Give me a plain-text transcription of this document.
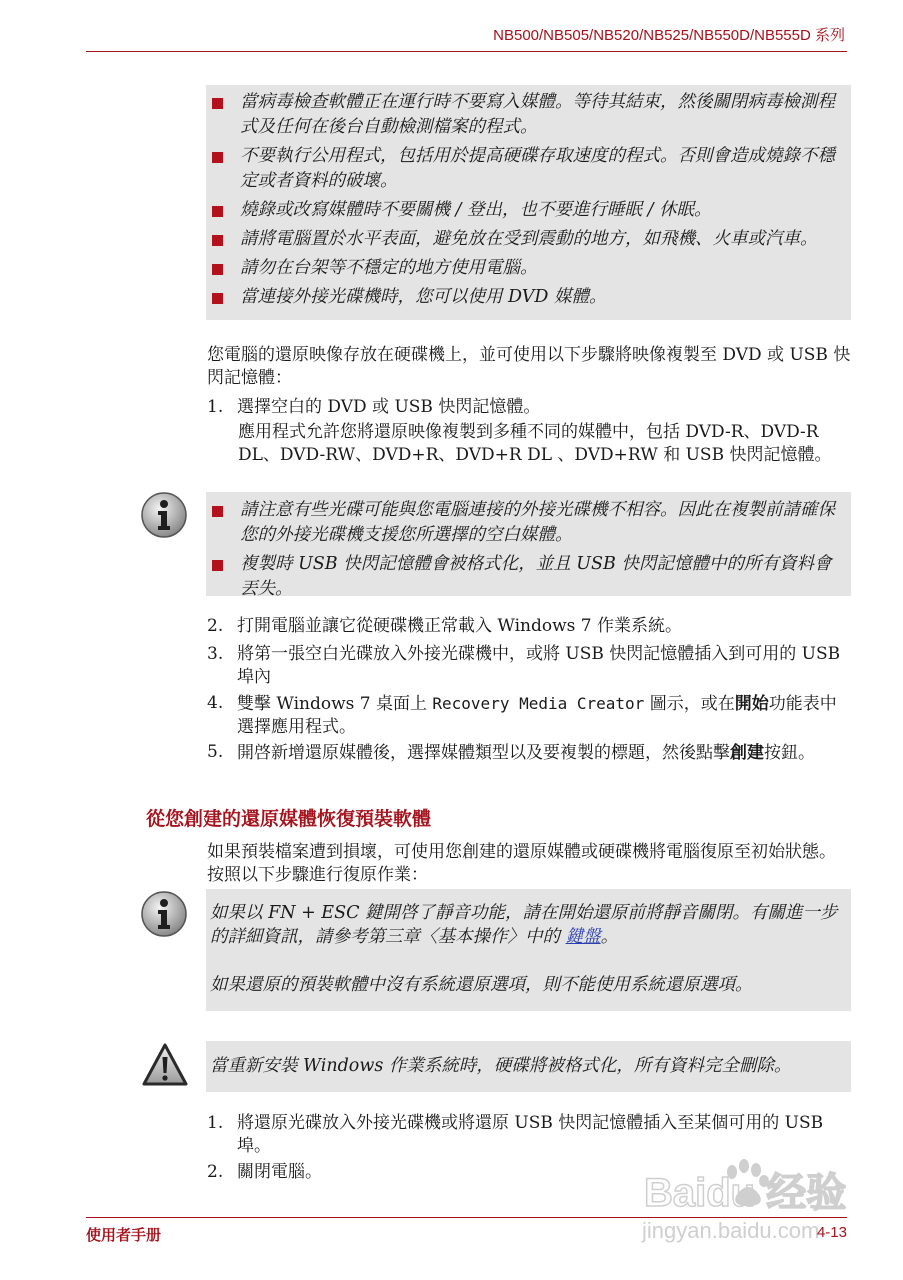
NB500/NB505/NB520/NB525/NB550D/NB555D 系列
當病毒檢查軟體正在運行時不要寫入媒體。等待其結束，然後關閉病毒檢測程式及任何在後台自動檢測檔案的程式。
不要執行公用程式，包括用於提高硬碟存取速度的程式。否則會造成燒錄不穩定或者資料的破壞。
燒錄或改寫媒體時不要關機 / 登出，也不要進行睡眠 / 休眠。
請將電腦置於水平表面，避免放在受到震動的地方，如飛機、火車或汽車。
請勿在台架等不穩定的地方使用電腦。
當連接外接光碟機時，您可以使用 DVD 媒體。
您電腦的還原映像存放在硬碟機上，並可使用以下步驟將映像複製至 DVD 或 USB 快閃記憶體：
1. 選擇空白的 DVD 或 USB 快閃記憶體。
應用程式允許您將還原映像複製到多種不同的媒體中，包括 DVD-R、DVD-R DL、DVD-RW、DVD+R、DVD+R DL 、DVD+RW 和 USB 快閃記憶體。
請注意有些光碟可能與您電腦連接的外接光碟機不相容。因此在複製前請確保您的外接光碟機支援您所選擇的空白媒體。
複製時 USB 快閃記憶體會被格式化，並且 USB 快閃記憶體中的所有資料會丟失。
2. 打開電腦並讓它從硬碟機正常載入 Windows 7 作業系統。
3. 將第一張空白光碟放入外接光碟機中，或將 USB 快閃記憶體插入到可用的 USB 埠內
4. 雙擊 Windows 7 桌面上 Recovery Media Creator 圖示，或在開始功能表中選擇應用程式。
5. 開啓新增還原媒體後，選擇媒體類型以及要複製的標題，然後點擊創建按鈕。
從您創建的還原媒體恢復預裝軟體
如果預裝檔案遭到損壞，可使用您創建的還原媒體或硬碟機將電腦復原至初始狀態。按照以下步驟進行復原作業：
如果以 FN + ESC 鍵開啓了靜音功能，請在開始還原前將靜音關閉。有關進一步的詳細資訊，請參考第三章〈基本操作〉中的 鍵盤。
如果還原的預裝軟體中沒有系統還原選項，則不能使用系統還原選項。
當重新安裝 Windows 作業系統時，硬碟將被格式化，所有資料完全刪除。
1. 將還原光碟放入外接光碟機或將還原 USB 快閃記憶體插入至某個可用的 USB 埠。
2. 關閉電腦。	Baidu 经验
jingyan.baidu.com
使用者手册	4-13
